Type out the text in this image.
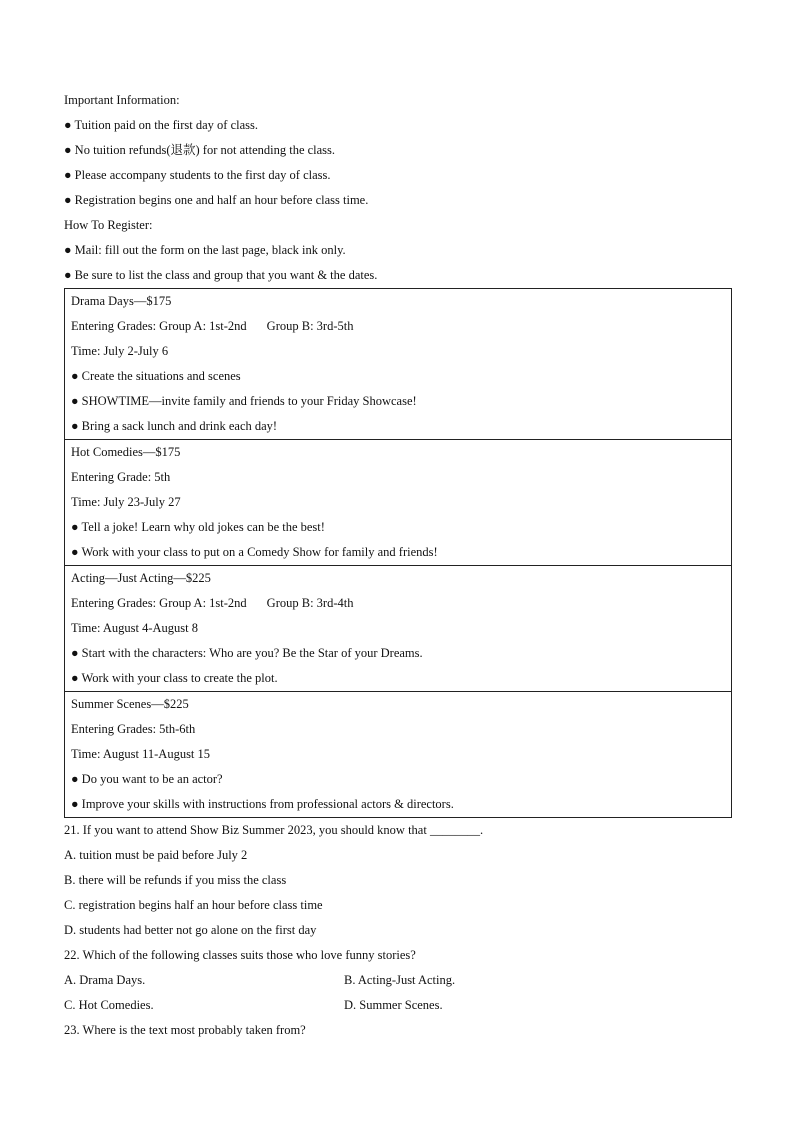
Important Information:
● Tuition paid on the first day of class.
● No tuition refunds(退款) for not attending the class.
● Please accompany students to the first day of class.
● Registration begins one and half an hour before class time.
How To Register:
● Mail: fill out the form on the last page, black ink only.
● Be sure to list the class and group that you want & the dates.
Drama Days—$175
Entering Grades: Group A: 1st-2nd Group B: 3rd-5th
Time: July 2-July 6
● Create the situations and scenes
● SHOWTIME—invite family and friends to your Friday Showcase!
● Bring a sack lunch and drink each day!
Hot Comedies—$175
Entering Grade: 5th
Time: July 23-July 27
● Tell a joke! Learn why old jokes can be the best!
● Work with your class to put on a Comedy Show for family and friends!
Acting—Just Acting—$225
Entering Grades: Group A: 1st-2nd Group B: 3rd-4th
Time: August 4-August 8
● Start with the characters: Who are you? Be the Star of your Dreams.
● Work with your class to create the plot.
Summer Scenes—$225
Entering Grades: 5th-6th
Time: August 11-August 15
● Do you want to be an actor?
● Improve your skills with instructions from professional actors & directors.
21. If you want to attend Show Biz Summer 2023, you should know that ________.
A. tuition must be paid before July 2
B. there will be refunds if you miss the class
C. registration begins half an hour before class time
D. students had better not go alone on the first day
22. Which of the following classes suits those who love funny stories?
A. Drama Days.	B. Acting-Just Acting.
C. Hot Comedies.	D. Summer Scenes.
23. Where is the text most probably taken from?
